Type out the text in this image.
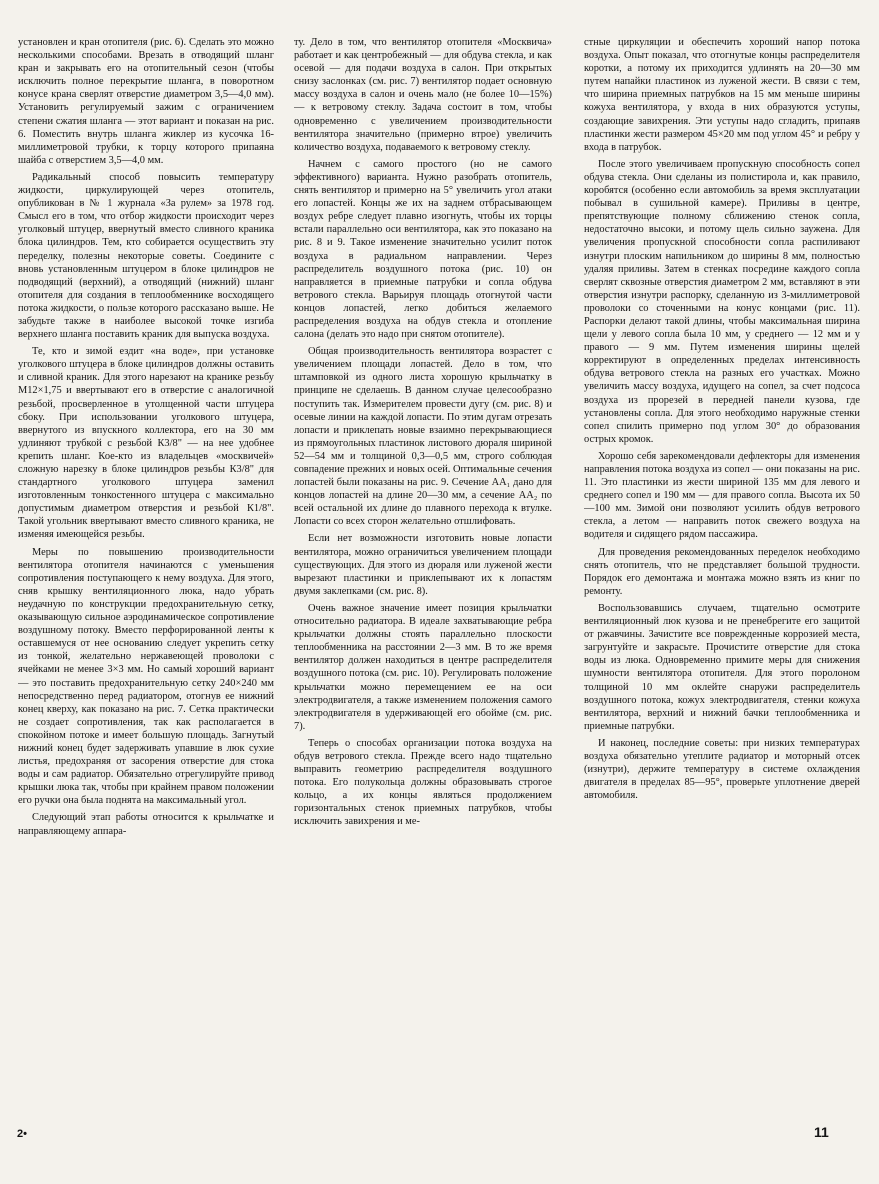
установлен и кран отопителя (рис. 6). Сделать это можно несколькими способами. Врезать в отводящий шланг кран и закрывать его на отопительный сезон (чтобы исключить полное перекрытие шланга, в поворотном конусе крана сверлят отверстие диаметром 3,5—4,0 мм). Установить регулируемый зажим с ограничением степени сжатия шланга — этот вариант и показан на рис. 6. Поместить внутрь шланга жиклер из кусочка 16-миллиметровой трубки, к торцу которого припаяна шайба с отверстием 3,5—4,0 мм.

Радикальный способ повысить температуру жидкости, циркулирующей через отопитель, опубликован в № 1 журнала «За рулем» за 1978 год. Смысл его в том, что отбор жидкости происходит через уголковый штуцер, ввернутый вместо сливного краника блока цилиндров. Тем, кто собирается осуществить эту переделку, полезны некоторые советы. Соедините с вновь установленным штуцером в блоке цилиндров не подводящий (верхний), а отводящий (нижний) шланг отопителя для создания в теплообменнике восходящего потока жидкости, о пользе которого рассказано выше. Не забудьте также в наиболее высокой точке изгиба верхнего шланга поставить краник для выпуска воздуха.

Те, кто и зимой ездит «на воде», при установке уголкового штуцера в блоке цилиндров должны оставить и сливной краник. Для этого нарезают на кранике резьбу М12×1,75 и ввертывают его в отверстие с аналогичной резьбой, просверленное в утолщенной части штуцера сбоку. При использовании уголкового штуцера, ввернутого из впускного коллектора, его на 30 мм удлиняют трубкой с резьбой К3/8" — на нее удобнее крепить шланг. Кое-кто из владельцев «москвичей» сложную нарезку в блоке цилиндров резьбы К3/8" для стандартного уголкового штуцера заменил изготовленным тонкостенного штуцера с максимально допустимым диаметром отверстия и резьбой К1/8". Такой угольник ввертывают вместо сливного краника, не изменяя имеющейся резьбы.

Меры по повышению производительности вентилятора отопителя начинаются с уменьшения сопротивления поступающего к нему воздуха. Для этого, сняв крышку вентиляционного люка, надо убрать неудачную по конструкции предохранительную сетку, оказывающую сильное аэродинамическое сопротивление воздушному потоку. Вместо перфорированной ленты к оставшемуся от нее основанию следует укрепить сетку из тонкой, желательно нержавеющей проволоки с ячейками не менее 3×3 мм. Но самый хороший вариант — это поставить предохранительную сетку 240×240 мм непосредственно перед радиатором, отогнув ее нижний конец кверху, как показано на рис. 7. Сетка практически не создает сопротивления, так как располагается в спокойном потоке и имеет большую площадь. Загнутый нижний конец будет задерживать упавшие в люк сухие листья, предохраняя от засорения отверстие для стока воды и сам радиатор. Обязательно отрегулируйте привод крышки люка так, чтобы при крайнем правом положении его ручки она была поднята на максимальный угол.

Следующий этап работы относится к крыльчатке и направляющему аппара-

ту. Дело в том, что вентилятор отопителя «Москвича» работает и как центробежный — для обдува стекла, и как осевой — для подачи воздуха в салон. При открытых снизу заслонках (см. рис. 7) вентилятор подает основную массу воздуха в салон и очень мало (не более 10—15%) — к ветровому стеклу. Задача состоит в том, чтобы одновременно с увеличением производительности вентилятора значительно (примерно втрое) увеличить количество воздуха, подаваемого к ветровому стеклу.

Начнем с самого простого (но не самого эффективного) варианта. Нужно разобрать отопитель, снять вентилятор и примерно на 5° увеличить угол атаки его лопастей. Концы же их на заднем отбрасывающем воздух ребре следует плавно изогнуть, чтобы их торцы встали параллельно оси вентилятора, как это показано на рис. 8 и 9. Такое изменение значительно усилит поток воздуха в радиальном направлении. Через распределитель воздушного потока (рис. 10) он направляется в приемные патрубки и сопла обдува ветрового стекла. Варьируя площадь отогнутой части концов лопастей, легко добиться желаемого распределения воздуха на обдув стекла и отопление салона (делать это надо при снятом отопителе).

Общая производительность вентилятора возрастет с увеличением площади лопастей. Дело в том, что штамповкой из одного листа хорошую крыльчатку в принципе не сделаешь. В данном случае целесообразно поступить так. Измерителем провести дугу (см. рис. 8) и осевые линии на каждой лопасти. По этим дугам отрезать лопасти и приклепать новые взаимно перекрывающиеся из прямоугольных пластинок листового дюраля шириной 52—54 мм и толщиной 0,3—0,5 мм, строго соблюдая совпадение прежних и новых осей. Оптимальные сечения лопастей были показаны на рис. 9. Сечение AA₁ дано для концов лопастей на длине 20—30 мм, а сечение AA₂ по всей остальной их длине до плавного перехода к втулке. Лопасти со всех сторон желательно отшлифовать.

Если нет возможности изготовить новые лопасти вентилятора, можно ограничиться увеличением площади существующих. Для этого из дюраля или луженой жести вырезают пластинки и приклепывают их к лопастям двумя заклепками (см. рис. 8).

Очень важное значение имеет позиция крыльчатки относительно радиатора. В идеале захватывающие ребра крыльчатки должны стоять параллельно плоскости теплообменника на расстоянии 2—3 мм. В то же время вентилятор должен находиться в центре распределителя воздушного потока (см. рис. 10). Регулировать положение крыльчатки можно перемещением ее на оси электродвигателя, а также изменением положения самого электродвигателя в удерживающей его обойме (см. рис. 7).

Теперь о способах организации потока воздуха на обдув ветрового стекла. Прежде всего надо тщательно выправить геометрию распределителя воздушного потока. Его полукольца должны образовывать строгое кольцо, а их концы являться продолжением горизонтальных стенок приемных патрубков, чтобы исключить завихрения и ме-

стные циркуляции и обеспечить хороший напор потока воздуха. Опыт показал, что отогнутые концы распределителя коротки, а потому их приходится удлинять на 20—30 мм путем напайки пластинок из луженой жести. В связи с тем, что ширина приемных патрубков на 15 мм меньше ширины кожуха вентилятора, у входа в них образуются уступы, создающие завихрения. Эти уступы надо сгладить, припаяв пластинки жести размером 45×20 мм под углом 45° и ребру у входа в патрубок.

После этого увеличиваем пропускную способность сопел обдува стекла. Они сделаны из полистирола и, как правило, коробятся (особенно если автомобиль за время эксплуатации побывал в сушильной камере). Приливы в центре, препятствующие полному сближению стенок сопла, недостаточно высоки, и потому щель сильно заужена. Для увеличения пропускной способности сопла распиливают изнутри плоским напильником до ширины 8 мм, полностью удаляя приливы. Затем в стенках посредине каждого сопла сверлят сквозные отверстия диаметром 2 мм, вставляют в эти отверстия изнутри распорку, сделанную из 3-миллиметровой проволоки со сточенными на конус концами (рис. 11). Распорки делают такой длины, чтобы максимальная ширина щели у левого сопла была 10 мм, у среднего — 12 мм и у правого — 9 мм. Путем изменения ширины щелей корректируют в определенных пределах интенсивность обдува ветрового стекла на разных его участках. Можно увеличить массу воздуха, идущего на сопел, за счет подсоса воздуха из прорезей в передней панели кузова, где установлены сопла. Для этого необходимо наружные стенки сопел спилить примерно под углом 30° до образования острых кромок.

Хорошо себя зарекомендовали дефлекторы для изменения направления потока воздуха из сопел — они показаны на рис. 11. Это пластинки из жести шириной 135 мм для левого и среднего сопел и 190 мм — для правого сопла. Высота их 50—100 мм. Зимой они позволяют усилить обдув ветрового стекла, а летом — направить поток свежего воздуха на водителя и сидящего рядом пассажира.

Для проведения рекомендованных переделок необходимо снять отопитель, что не представляет большой трудности. Порядок его демонтажа и монтажа можно взять из книг по ремонту.

Воспользовавшись случаем, тщательно осмотрите вентиляционный люк кузова и не пренебрегите его защитой от ржавчины. Зачистите все поврежденные коррозией места, загрунтуйте и закрасьте. Прочистите отверстие для стока воды из люка. Одновременно примите меры для снижения шумности вентилятора отопителя. Для этого поролоном толщиной 10 мм оклейте снаружи распределитель воздушного потока, кожух электродвигателя, стенки кожуха вентилятора, верхний и нижний бачки теплообменника и приемные патрубки.

И наконец, последние советы: при низких температурах воздуха обязательно утеплите радиатор и моторный отсек (изнутри), держите температуру в системе охлаждения двигателя в пределах 85—95°, проверьте уплотнение дверей автомобиля.

2•	11
